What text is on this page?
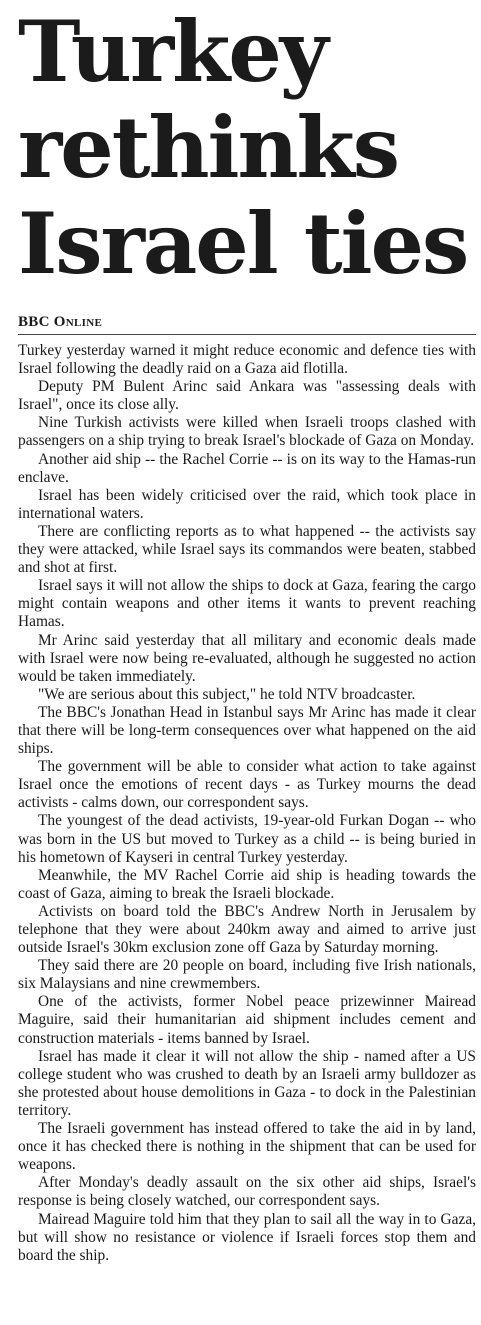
Turkey
rethinks
Israel ties
BBC Online

Turkey yesterday warned it might reduce economic and defence ties with Israel following the deadly raid on a Gaza aid flotilla.

Deputy PM Bulent Arinc said Ankara was "assessing deals with Israel", once its close ally.

Nine Turkish activists were killed when Israeli troops clashed with passengers on a ship trying to break Israel's blockade of Gaza on Monday.

Another aid ship -- the Rachel Corrie -- is on its way to the Hamas-run enclave.

Israel has been widely criticised over the raid, which took place in international waters.

There are conflicting reports as to what happened -- the activists say they were attacked, while Israel says its commandos were beaten, stabbed and shot at first.

Israel says it will not allow the ships to dock at Gaza, fearing the cargo might contain weapons and other items it wants to prevent reaching Hamas.

Mr Arinc said yesterday that all military and economic deals made with Israel were now being re-evaluated, although he suggested no action would be taken immediately.

"We are serious about this subject," he told NTV broadcaster.

The BBC's Jonathan Head in Istanbul says Mr Arinc has made it clear that there will be long-term consequences over what happened on the aid ships.

The government will be able to consider what action to take against Israel once the emotions of recent days - as Turkey mourns the dead activists - calms down, our correspondent says.

The youngest of the dead activists, 19-year-old Furkan Dogan -- who was born in the US but moved to Turkey as a child -- is being buried in his hometown of Kayseri in central Turkey yesterday.

Meanwhile, the MV Rachel Corrie aid ship is heading towards the coast of Gaza, aiming to break the Israeli blockade.

Activists on board told the BBC's Andrew North in Jerusalem by telephone that they were about 240km away and aimed to arrive just outside Israel's 30km exclusion zone off Gaza by Saturday morning.

They said there are 20 people on board, including five Irish nationals, six Malaysians and nine crewmembers.

One of the activists, former Nobel peace prizewinner Mairead Maguire, said their humanitarian aid shipment includes cement and construction materials - items banned by Israel.

Israel has made it clear it will not allow the ship - named after a US college student who was crushed to death by an Israeli army bulldozer as she protested about house demolitions in Gaza - to dock in the Palestinian territory.

The Israeli government has instead offered to take the aid in by land, once it has checked there is nothing in the shipment that can be used for weapons.

After Monday's deadly assault on the six other aid ships, Israel's response is being closely watched, our correspondent says.

Mairead Maguire told him that they plan to sail all the way in to Gaza, but will show no resistance or violence if Israeli forces stop them and board the ship.
